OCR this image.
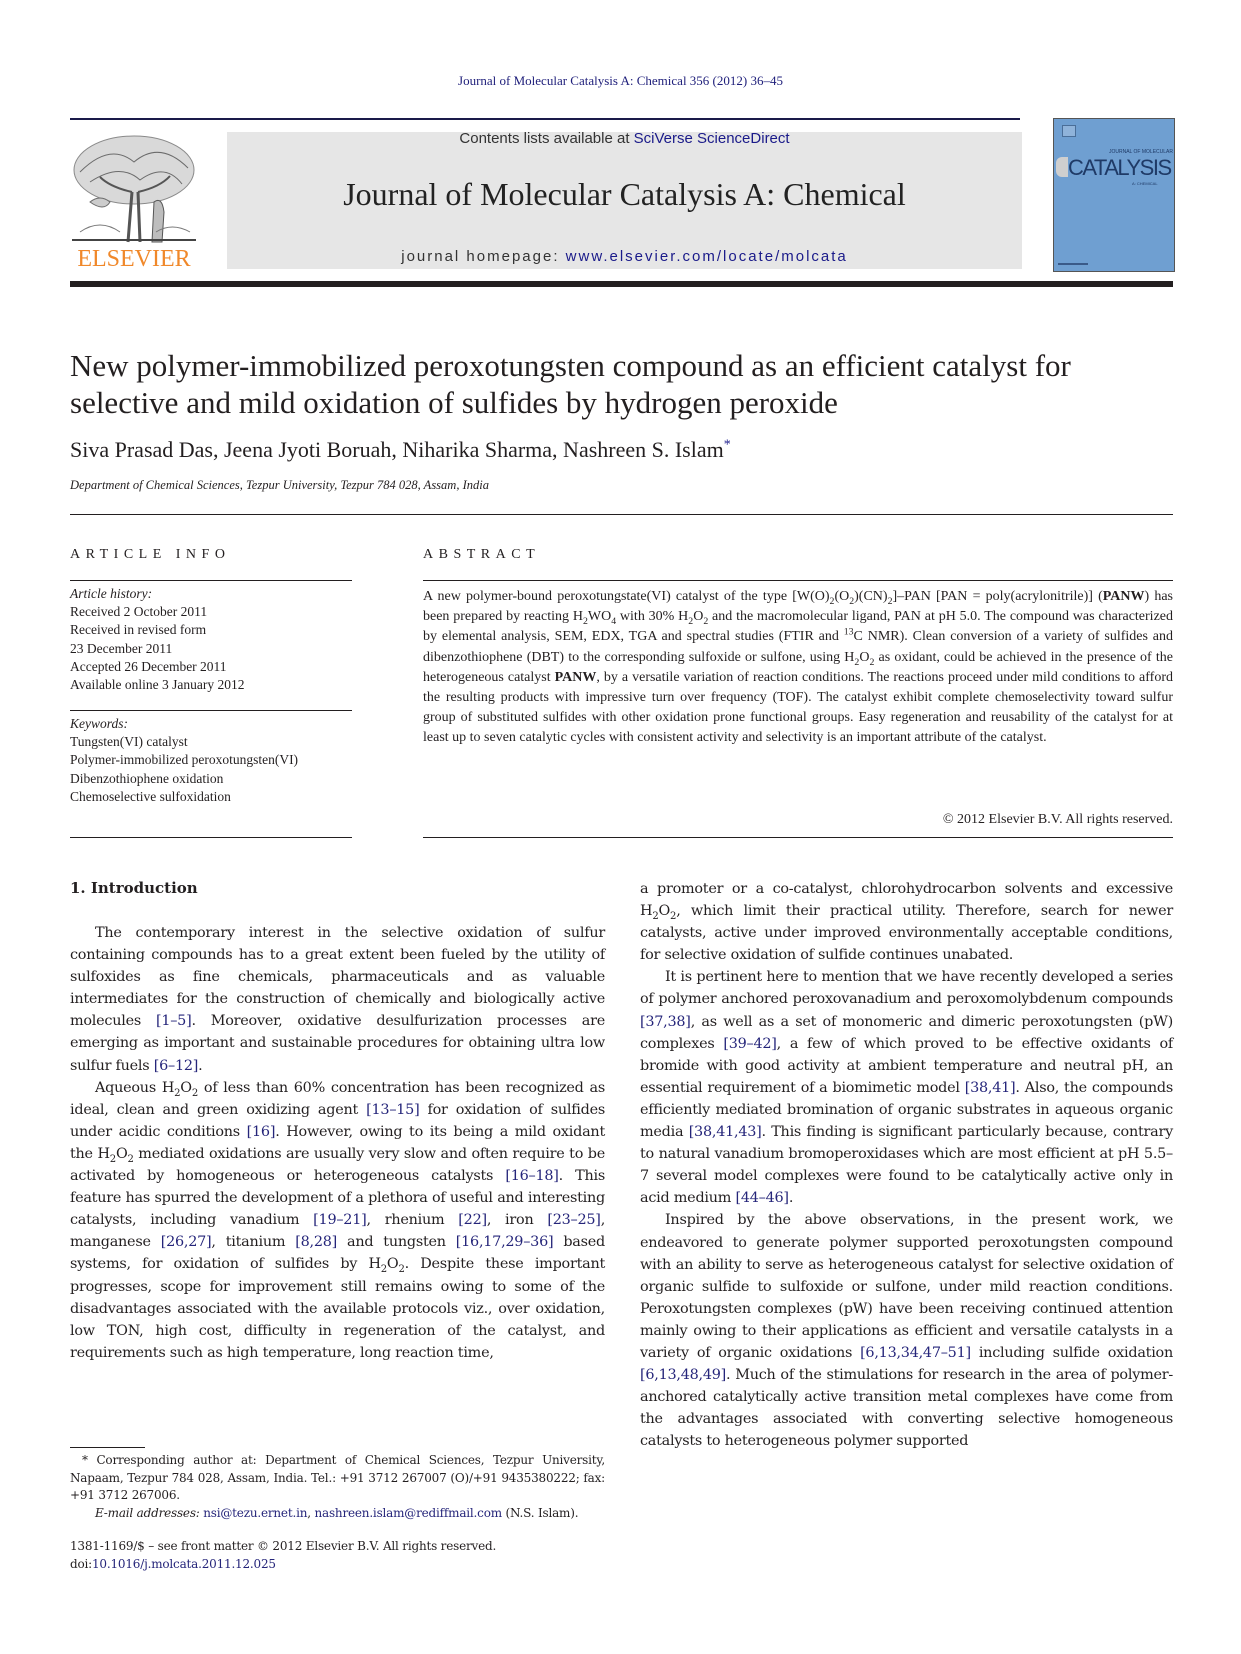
Journal of Molecular Catalysis A: Chemical 356 (2012) 36–45
ELSEVIER
Contents lists available at SciVerse ScienceDirect
Journal of Molecular Catalysis A: Chemical
journal homepage: www.elsevier.com/locate/molcata
JOURNAL OF MOLECULAR
CATALYSIS
A: CHEMICAL
New polymer-immobilized peroxotungsten compound as an efficient catalyst for selective and mild oxidation of sulfides by hydrogen peroxide
Siva Prasad Das, Jeena Jyoti Boruah, Niharika Sharma, Nashreen S. Islam*
Department of Chemical Sciences, Tezpur University, Tezpur 784 028, Assam, India
ARTICLE INFO
Article history:
Received 2 October 2011
Received in revised form
23 December 2011
Accepted 26 December 2011
Available online 3 January 2012
Keywords:
Tungsten(VI) catalyst
Polymer-immobilized peroxotungsten(VI)
Dibenzothiophene oxidation
Chemoselective sulfoxidation
ABSTRACT
A new polymer-bound peroxotungstate(VI) catalyst of the type $[W(O)_2(O_2)(CN)_2]$–PAN [PAN = poly(acrylonitrile)] (PANW) has been prepared by reacting $H_2WO_4$ with 30% $H_2O_2$ and the macromolecular ligand, PAN at pH 5.0. The compound was characterized by elemental analysis, SEM, EDX, TGA and spectral studies (FTIR and $^{13}$C NMR). Clean conversion of a variety of sulfides and dibenzothiophene (DBT) to the corresponding sulfoxide or sulfone, using $H_2O_2$ as oxidant, could be achieved in the presence of the heterogeneous catalyst PANW, by a versatile variation of reaction conditions. The reactions proceed under mild conditions to afford the resulting products with impressive turn over frequency (TOF). The catalyst exhibit complete chemoselectivity toward sulfur group of substituted sulfides with other oxidation prone functional groups. Easy regeneration and reusability of the catalyst for at least up to seven catalytic cycles with consistent activity and selectivity is an important attribute of the catalyst.
© 2012 Elsevier B.V. All rights reserved.
1. Introduction

The contemporary interest in the selective oxidation of sulfur containing compounds has to a great extent been fueled by the utility of sulfoxides as fine chemicals, pharmaceuticals and as valuable intermediates for the construction of chemically and biologically active molecules [1–5]. Moreover, oxidative desulfurization processes are emerging as important and sustainable procedures for obtaining ultra low sulfur fuels [6–12].

Aqueous $H_2O_2$ of less than 60% concentration has been recognized as ideal, clean and green oxidizing agent [13–15] for oxidation of sulfides under acidic conditions [16]. However, owing to its being a mild oxidant the $H_2O_2$ mediated oxidations are usually very slow and often require to be activated by homogeneous or heterogeneous catalysts [16–18]. This feature has spurred the development of a plethora of useful and interesting catalysts, including vanadium [19–21], rhenium [22], iron [23–25], manganese [26,27], titanium [8,28] and tungsten [16,17,29–36] based systems, for oxidation of sulfides by $H_2O_2$. Despite these important progresses, scope for improvement still remains owing to some of the disadvantages associated with the available protocols viz., over oxidation, low TON, high cost, difficulty in regeneration of the catalyst, and requirements such as high temperature, long reaction time,

a promoter or a co-catalyst, chlorohydrocarbon solvents and excessive $H_2O_2$, which limit their practical utility. Therefore, search for newer catalysts, active under improved environmentally acceptable conditions, for selective oxidation of sulfide continues unabated.

It is pertinent here to mention that we have recently developed a series of polymer anchored peroxovanadium and peroxomolybdenum compounds [37,38], as well as a set of monomeric and dimeric peroxotungsten (pW) complexes [39–42], a few of which proved to be effective oxidants of bromide with good activity at ambient temperature and neutral pH, an essential requirement of a biomimetic model [38,41]. Also, the compounds efficiently mediated bromination of organic substrates in aqueous organic media [38,41,43]. This finding is significant particularly because, contrary to natural vanadium bromoperoxidases which are most efficient at pH 5.5–7 several model complexes were found to be catalytically active only in acid medium [44–46].

Inspired by the above observations, in the present work, we endeavored to generate polymer supported peroxotungsten compound with an ability to serve as heterogeneous catalyst for selective oxidation of organic sulfide to sulfoxide or sulfone, under mild reaction conditions. Peroxotungsten complexes (pW) have been receiving continued attention mainly owing to their applications as efficient and versatile catalysts in a variety of organic oxidations [6,13,34,47–51] including sulfide oxidation [6,13,48,49]. Much of the stimulations for research in the area of polymer-anchored catalytically active transition metal complexes have come from the advantages associated with converting selective homogeneous catalysts to heterogeneous polymer supported

* Corresponding author at: Department of Chemical Sciences, Tezpur University, Napaam, Tezpur 784 028, Assam, India. Tel.: +91 3712 267007 (O)/+91 9435380222; fax: +91 3712 267006.
E-mail addresses: nsi@tezu.ernet.in, nashreen.islam@rediffmail.com (N.S. Islam).
1381-1169/$ – see front matter © 2012 Elsevier B.V. All rights reserved.
doi:10.1016/j.molcata.2011.12.025
